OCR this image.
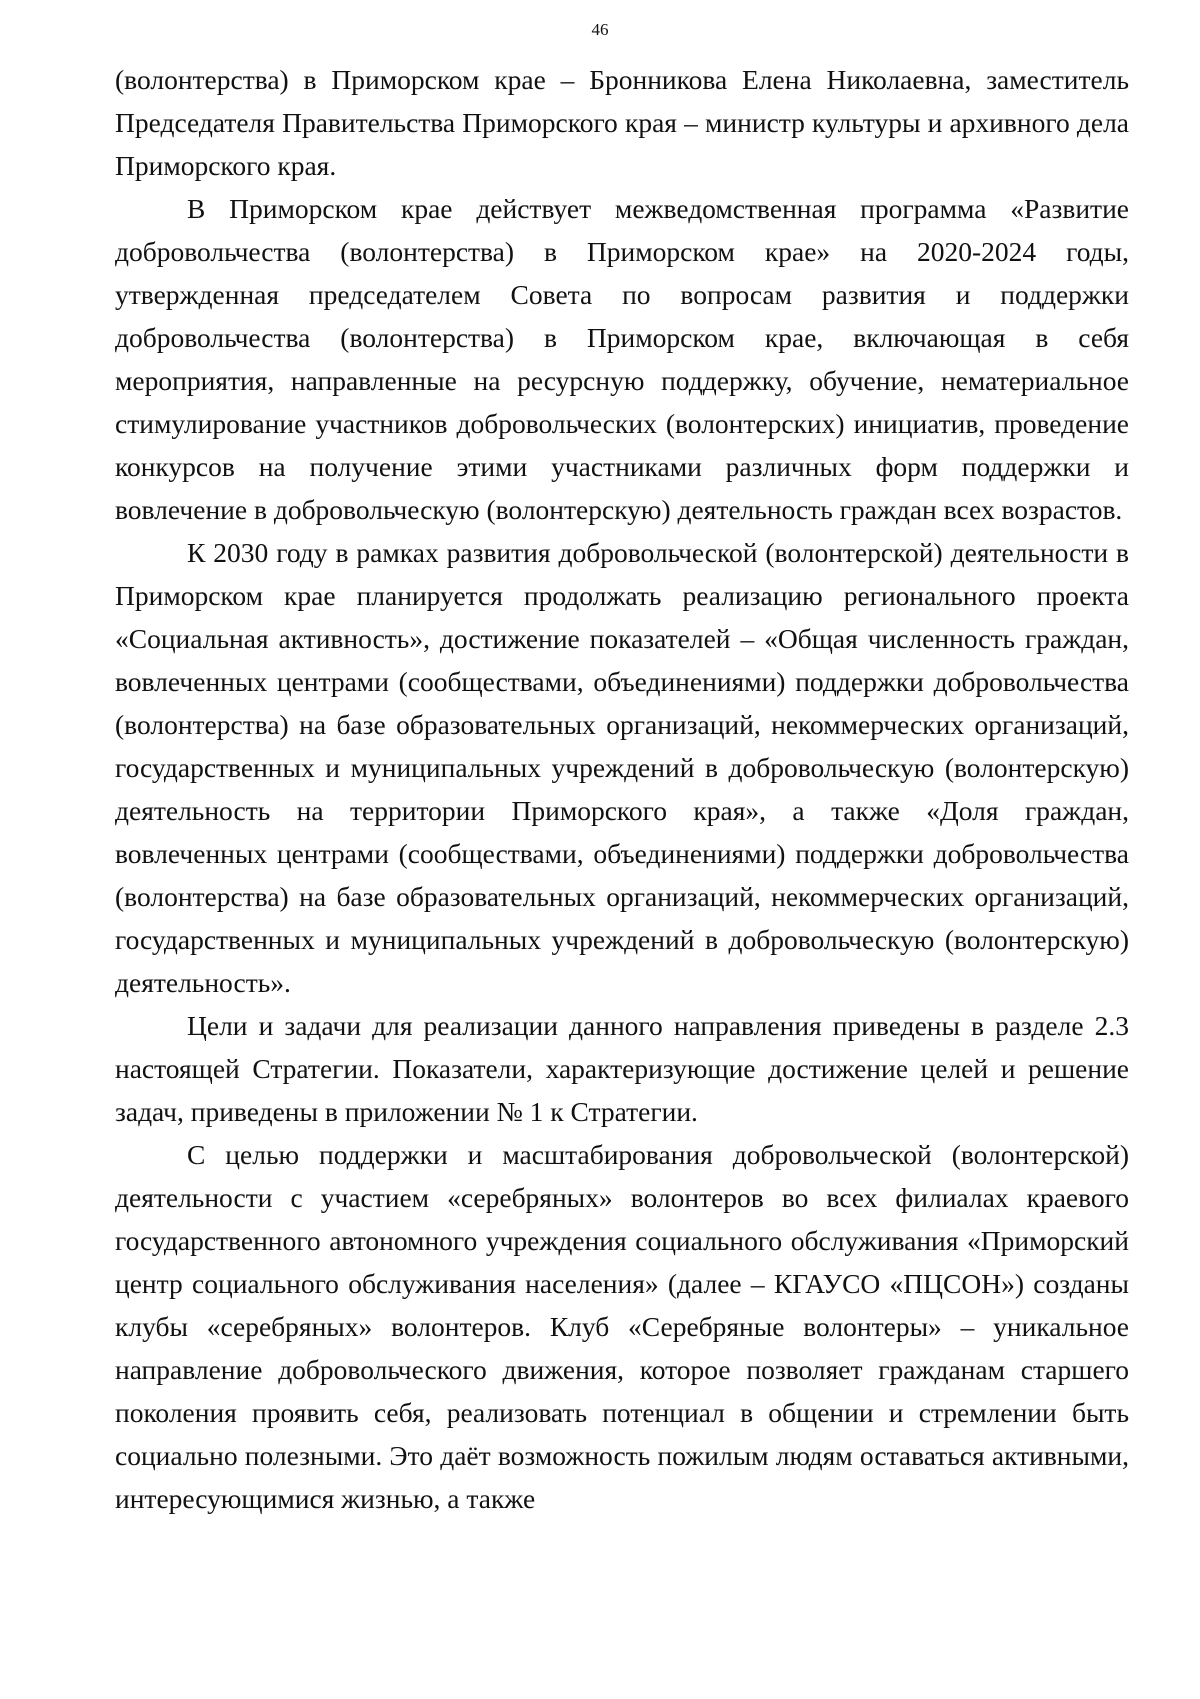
46

(волонтерства) в Приморском крае – Бронникова Елена Николаевна, заместитель Председателя Правительства Приморского края – министр культуры и архивного дела Приморского края.

В Приморском крае действует межведомственная программа «Развитие добровольчества (волонтерства) в Приморском крае» на 2020-2024 годы, утвержденная председателем Совета по вопросам развития и поддержки добровольчества (волонтерства) в Приморском крае, включающая в себя мероприятия, направленные на ресурсную поддержку, обучение, нематериальное стимулирование участников добровольческих (волонтерских) инициатив, проведение конкурсов на получение этими участниками различных форм поддержки и вовлечение в добровольческую (волонтерскую) деятельность граждан всех возрастов.

К 2030 году в рамках развития добровольческой (волонтерской) деятельности в Приморском крае планируется продолжать реализацию регионального проекта «Социальная активность», достижение показателей – «Общая численность граждан, вовлеченных центрами (сообществами, объединениями) поддержки добровольчества (волонтерства) на базе образовательных организаций, некоммерческих организаций, государственных и муниципальных учреждений в добровольческую (волонтерскую) деятельность на территории Приморского края», а также «Доля граждан, вовлеченных центрами (сообществами, объединениями) поддержки добровольчества (волонтерства) на базе образовательных организаций, некоммерческих организаций, государственных и муниципальных учреждений в добровольческую (волонтерскую) деятельность».

Цели и задачи для реализации данного направления приведены в разделе 2.3 настоящей Стратегии. Показатели, характеризующие достижение целей и решение задач, приведены в приложении № 1 к Стратегии.

С целью поддержки и масштабирования добровольческой (волонтерской) деятельности с участием «серебряных» волонтеров во всех филиалах краевого государственного автономного учреждения социального обслуживания «Приморский центр социального обслуживания населения» (далее – КГАУСО «ПЦСОН») созданы клубы «серебряных» волонтеров. Клуб «Серебряные волонтеры» – уникальное направление добровольческого движения, которое позволяет гражданам старшего поколения проявить себя, реализовать потенциал в общении и стремлении быть социально полезными. Это даёт возможность пожилым людям оставаться активными, интересующимися жизнью, а также
